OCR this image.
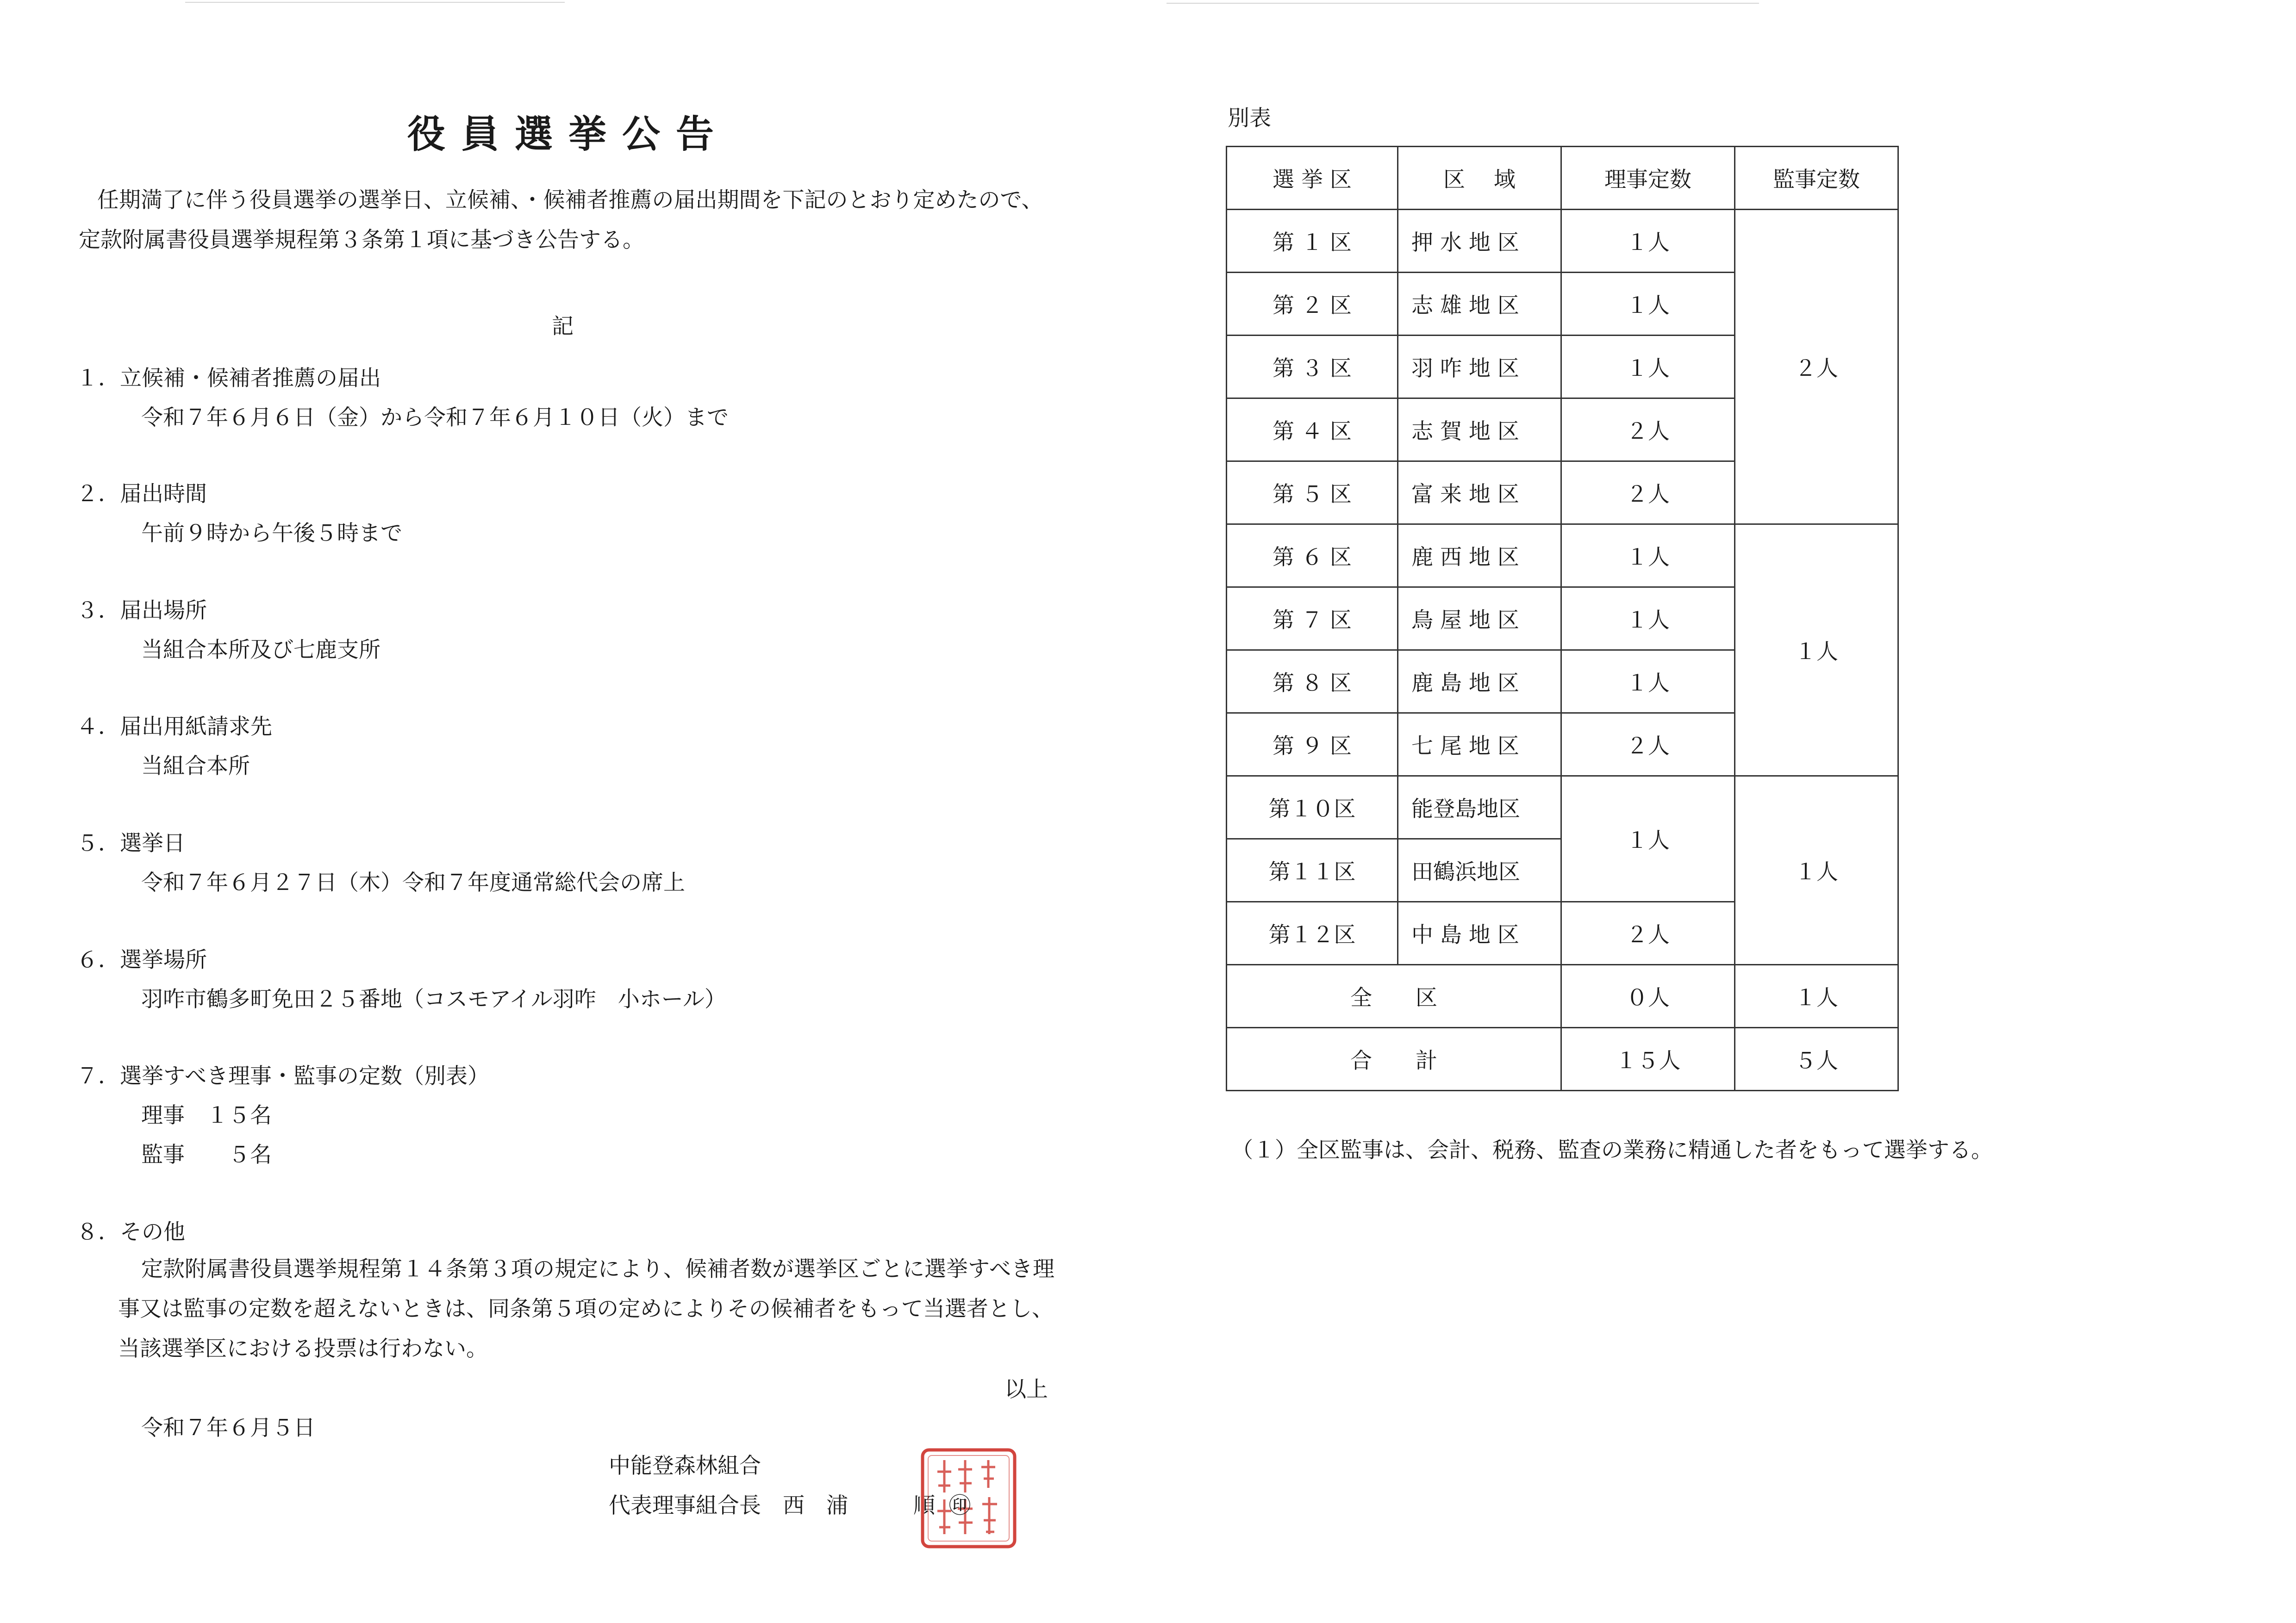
役員選挙公告
任期満了に伴う役員選挙の選挙日、立候補、・候補者推薦の届出期間を下記のとおり定めたので、定款附属書役員選挙規程第３条第１項に基づき公告する。
記
１．立候補・候補者推薦の届出
令和７年６月６日（金）から令和７年６月１０日（火）まで
２．届出時間
午前９時から午後５時まで
３．届出場所
当組合本所及び七鹿支所
４．届出用紙請求先
当組合本所
５．選挙日
令和７年６月２７日（木）令和７年度通常総代会の席上
６．選挙場所
羽咋市鶴多町免田２５番地（コスモアイル羽咋　小ホール）
７．選挙すべき理事・監事の定数（別表）
理事　１５名
監事　　５名
８．その他
定款附属書役員選挙規程第１４条第３項の規定により、候補者数が選挙区ごとに選挙すべき理事又は監事の定数を超えないときは、同条第５項の定めによりその候補者をもって当選者とし、当該選挙区における投票は行わない。
以上
令和７年６月５日
中能登森林組合
代表理事組合長　西　浦　　　順 ㊞
別表
選 挙 区	区　 域	理事定数	監事定数
第 １ 区	押 水 地 区	１人	２人
第 ２ 区	志 雄 地 区	１人	
第 ３ 区	羽 咋 地 区	１人	
第 ４ 区	志 賀 地 区	２人	
第 ５ 区	富 来 地 区	２人	
第 ６ 区	鹿 西 地 区	１人	１人
第 ７ 区	鳥 屋 地 区	１人	
第 ８ 区	鹿 島 地 区	１人	
第 ９ 区	七 尾 地 区	２人	
第１０区	能登島地区	１人	１人
第１１区	田鶴浜地区		
第１２区	中 島 地 区	２人	
全　　区		０人	１人
合　　計		１５人	５人
（１）全区監事は、会計、税務、監査の業務に精通した者をもって選挙する。
